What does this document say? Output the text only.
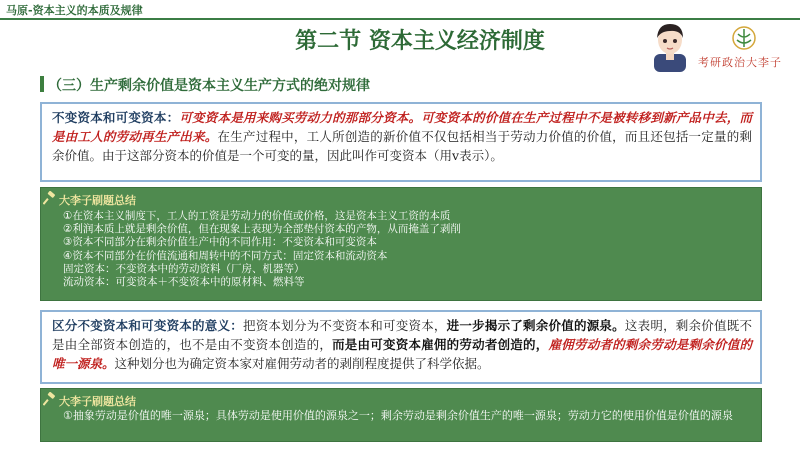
马原-资本主义的本质及规律
第二节 资本主义经济制度
考研政治大李子
（三）生产剩余价值是资本主义生产方式的绝对规律
不变资本和可变资本：可变资本是用来购买劳动力的那部分资本。可变资本的价值在生产过程中不是被转移到新产品中去，而是由工人的劳动再生产出来。在生产过程中，工人所创造的新价值不仅包括相当于劳动力价值的价值，而且还包括一定量的剩余价值。由于这部分资本的价值是一个可变的量，因此叫作可变资本（用v表示）。
大李子刷题总结
①在资本主义制度下，工人的工资是劳动力的价值或价格，这是资本主义工资的本质
②利润本质上就是剩余价值，但在现象上表现为全部垫付资本的产物，从而掩盖了剥削
③资本不同部分在剩余价值生产中的不同作用：不变资本和可变资本
④资本不同部分在价值流通和周转中的不同方式：固定资本和流动资本
固定资本：不变资本中的劳动资料（厂房、机器等）
流动资本：可变资本＋不变资本中的原材料、燃料等
区分不变资本和可变资本的意义：把资本划分为不变资本和可变资本，进一步揭示了剩余价值的源泉。这表明，剩余价值既不是由全部资本创造的，也不是由不变资本创造的，而是由可变资本雇佣的劳动者创造的，雇佣劳动者的剩余劳动是剩余价值的唯一源泉。这种划分也为确定资本家对雇佣劳动者的剥削程度提供了科学依据。
大李子刷题总结
①抽象劳动是价值的唯一源泉；具体劳动是使用价值的源泉之一；剩余劳动是剩余价值生产的唯一源泉；劳动力它的使用价值是价值的源泉
